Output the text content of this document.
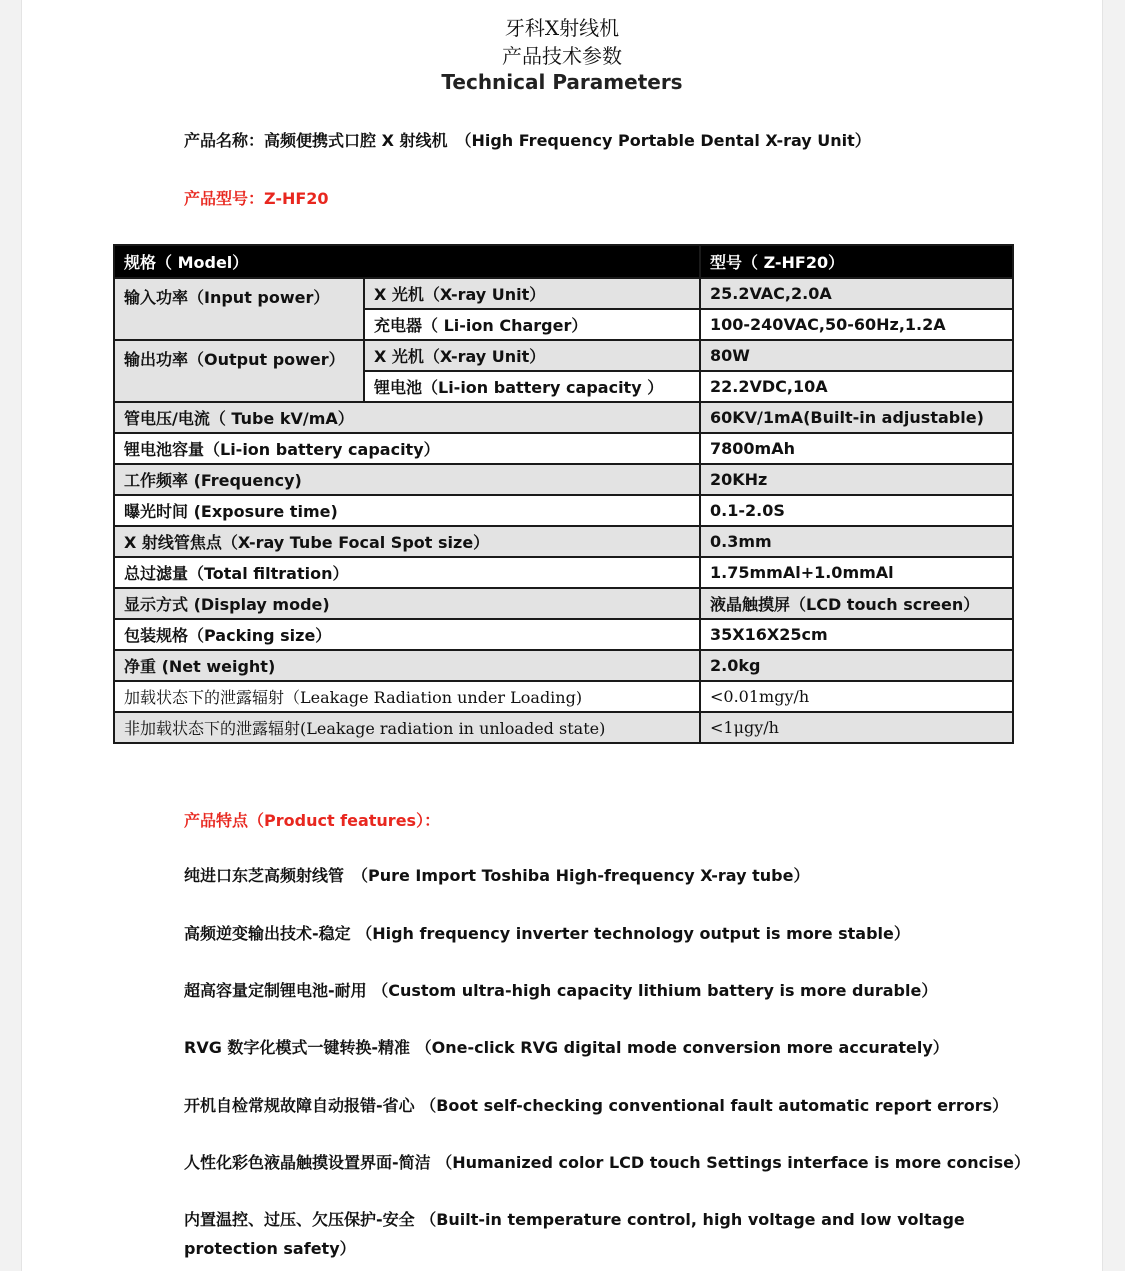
牙科X射线机
产品技术参数
Technical Parameters
产品名称：高频便携式口腔 X 射线机　（High Frequency Portable Dental X-ray Unit）
产品型号：Z-HF20
规格（ Model）		型号（ Z-HF20）
输入功率（Input power）	X 光机（X-ray Unit）	25.2VAC,2.0A
	充电器（ Li-ion Charger）	100-240VAC,50-60Hz,1.2A
输出功率（Output power）	X 光机（X-ray Unit）	80W
	锂电池（Li-ion battery capacity ）	22.2VDC,10A
管电压/电流（ Tube kV/mA）		60KV/1mA(Built-in adjustable)
锂电池容量（Li-ion battery capacity）		7800mAh
工作频率 (Frequency)		20KHz
曝光时间 (Exposure time)		0.1-2.0S
X 射线管焦点（X-ray Tube Focal Spot size）		0.3mm
总过滤量（Total filtration）		1.75mmAl+1.0mmAl
显示方式 (Display mode)		液晶触摸屏（LCD touch screen）
包装规格（Packing size）		35X16X25cm
净重 (Net weight)		2.0kg
加载状态下的泄露辐射（Leakage Radiation under Loading)		<0.01mgy/h
非加载状态下的泄露辐射(Leakage radiation in unloaded state)		<1μgy/h
产品特点（Product features）：
纯进口东芝高频射线管　（Pure Import Toshiba High-frequency X-ray tube）
高频逆变输出技术-稳定 （High frequency inverter technology output is more stable）
超高容量定制锂电池-耐用 （Custom ultra-high capacity lithium battery is more durable）
RVG 数字化模式一键转换-精准 （One-click RVG digital mode conversion more accurately）
开机自检常规故障自动报错-省心 （Boot self-checking conventional fault automatic report errors）
人性化彩色液晶触摸设置界面-简洁 （Humanized color LCD touch Settings interface is more concise）
内置温控、过压、欠压保护-安全 （Built-in temperature control, high voltage and low voltage protection safety）
